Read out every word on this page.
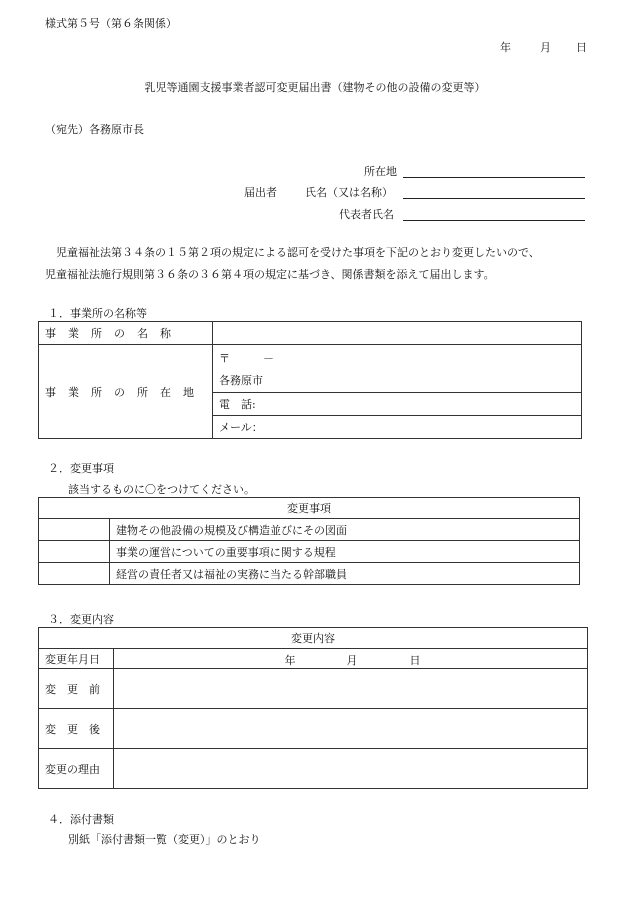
様式第５号（第６条関係）
年	月 日
乳児等通園支援事業者認可変更届出書（建物その他の設備の変更等）
（宛先）各務原市長
所在地
届出者	氏名（又は名称）
代表者氏名
　児童福祉法第３４条の１５第２項の規定による認可を受けた事項を下記のとおり変更したいので、
児童福祉法施行規則第３６条の３６第４項の規定に基づき、関係書類を添えて届出します。
１．事業所の名称等
事業所の名称	
事業所の所在地	〒　　　－
各務原市

	電　話:
	メール：
２．変更事項
該当するものに〇をつけてください。
変更事項	
	建物その他設備の規模及び構造並びにその図面
	事業の運営についての重要事項に関する規程
	経営の責任者又は福祉の実務に当たる幹部職員
３．変更内容
変更内容	
変更年月日	年 月 日

変　更　前	
変　更　後	
変更の理由	
４．添付書類
別紙「添付書類一覧（変更）」のとおり
